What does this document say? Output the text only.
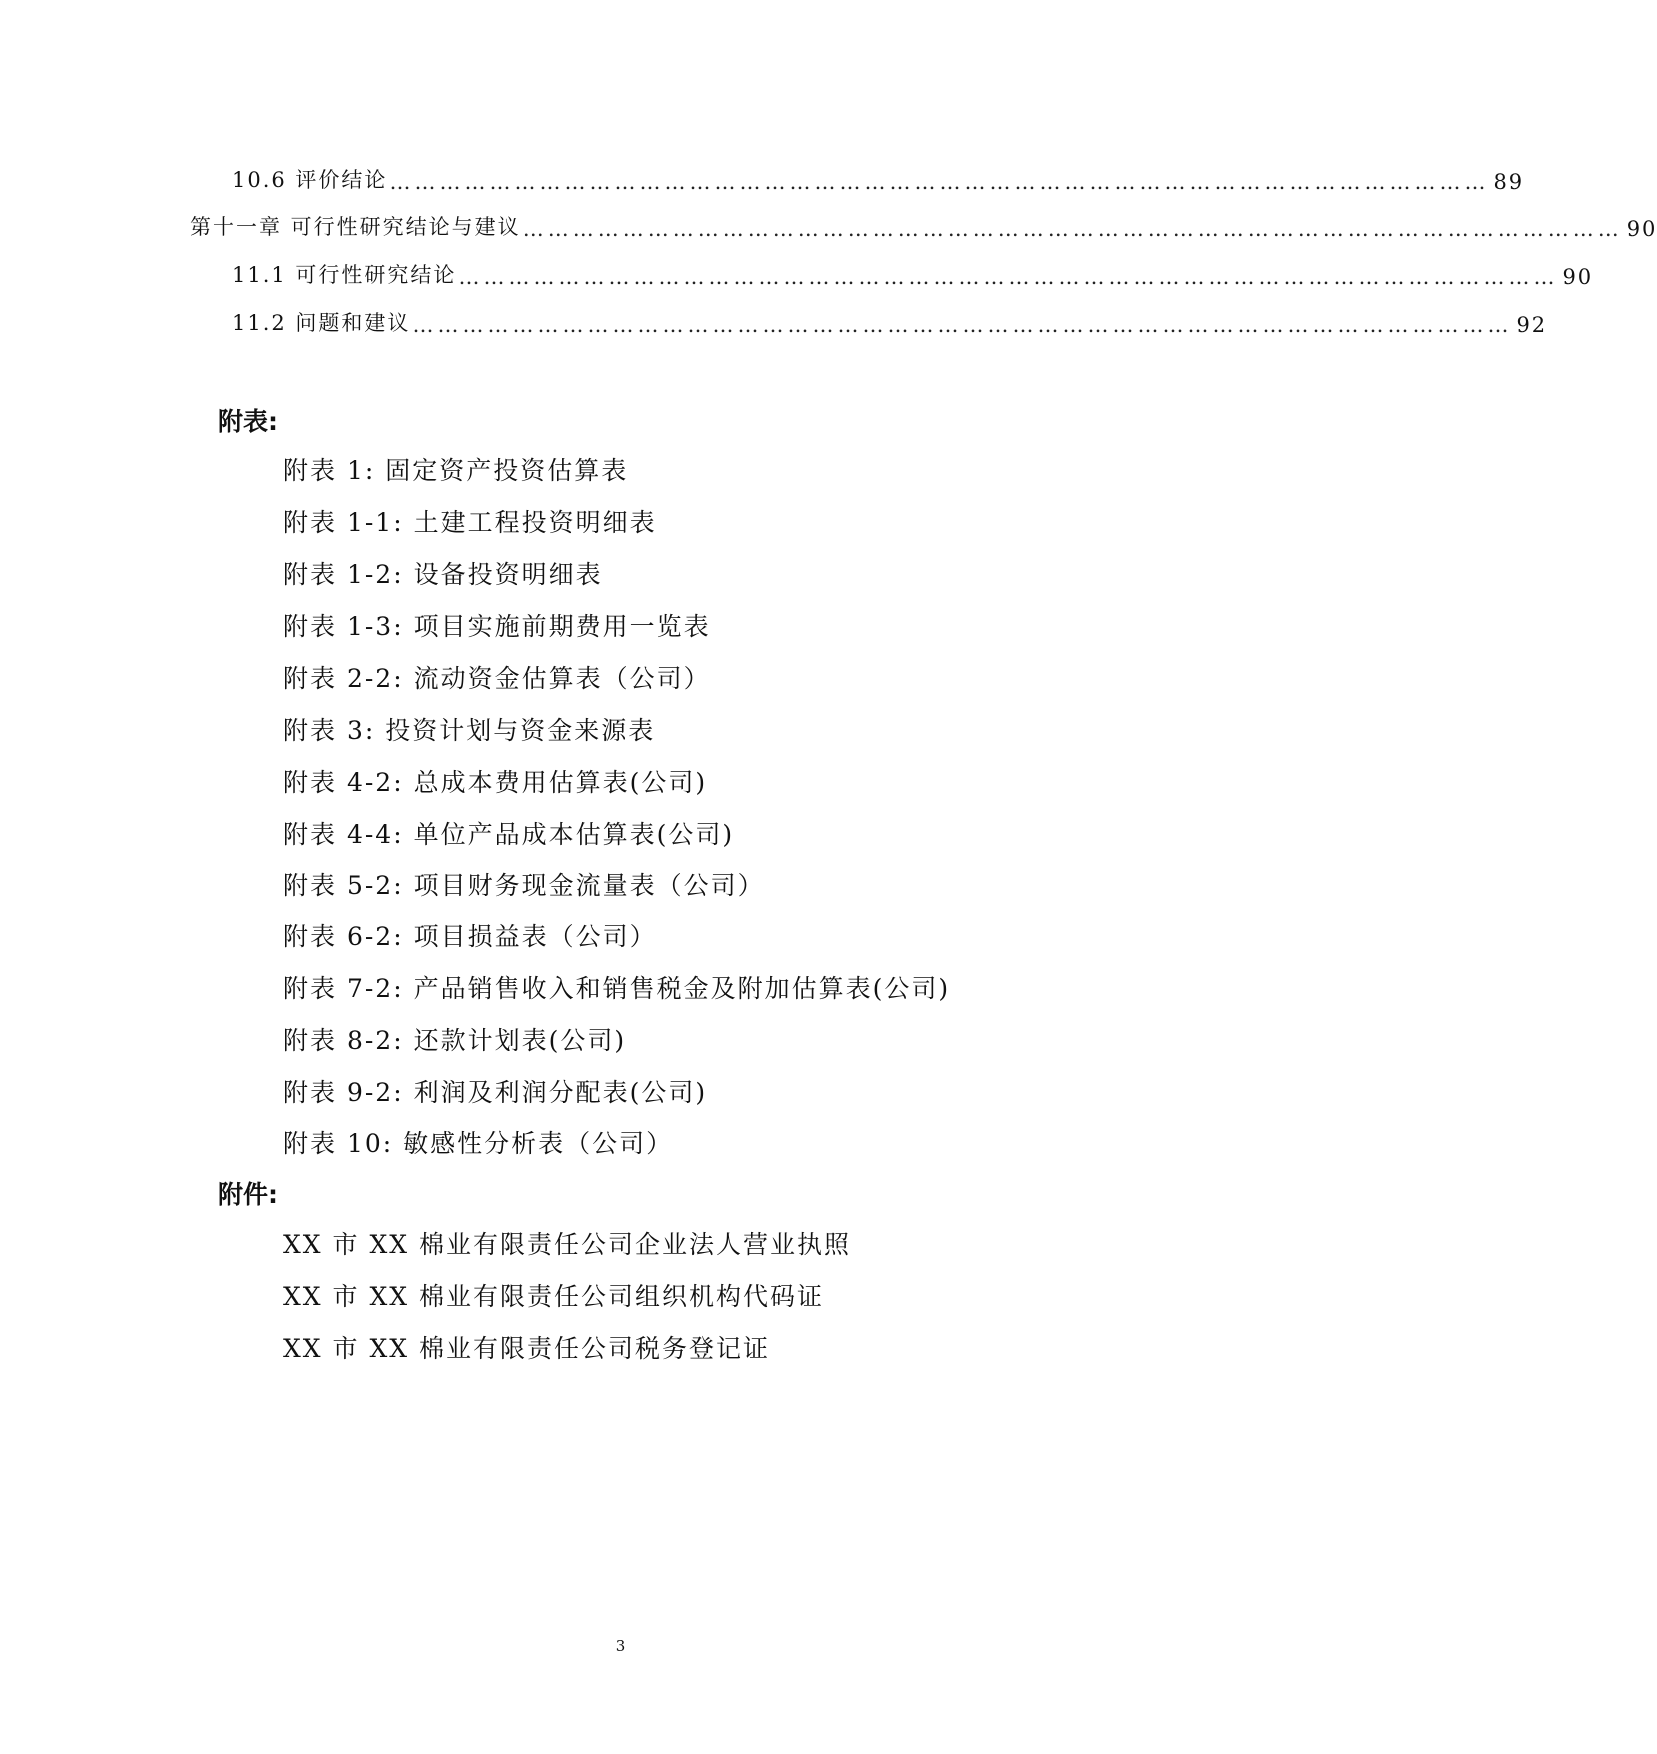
10.6 评价结论 …………………………………………………………………………………………………………………… 89
第十一章 可行性研究结论与建议 …………………………………………………………………………………………………………………… 90
11.1 可行性研究结论 …………………………………………………………………………………………………………………… 90
11.2 问题和建议 …………………………………………………………………………………………………………………… 92
附表:
附表 1: 固定资产投资估算表
附表 1-1: 土建工程投资明细表
附表 1-2: 设备投资明细表
附表 1-3: 项目实施前期费用一览表
附表 2-2: 流动资金估算表（公司）
附表 3: 投资计划与资金来源表
附表 4-2: 总成本费用估算表(公司)
附表 4-4: 单位产品成本估算表(公司)
附表 5-2: 项目财务现金流量表（公司）
附表 6-2: 项目损益表（公司）
附表 7-2: 产品销售收入和销售税金及附加估算表(公司)
附表 8-2: 还款计划表(公司)
附表 9-2: 利润及利润分配表(公司)
附表 10: 敏感性分析表（公司）
附件:
XX 市 XX 棉业有限责任公司企业法人营业执照
XX 市 XX 棉业有限责任公司组织机构代码证
XX 市 XX 棉业有限责任公司税务登记证
3
